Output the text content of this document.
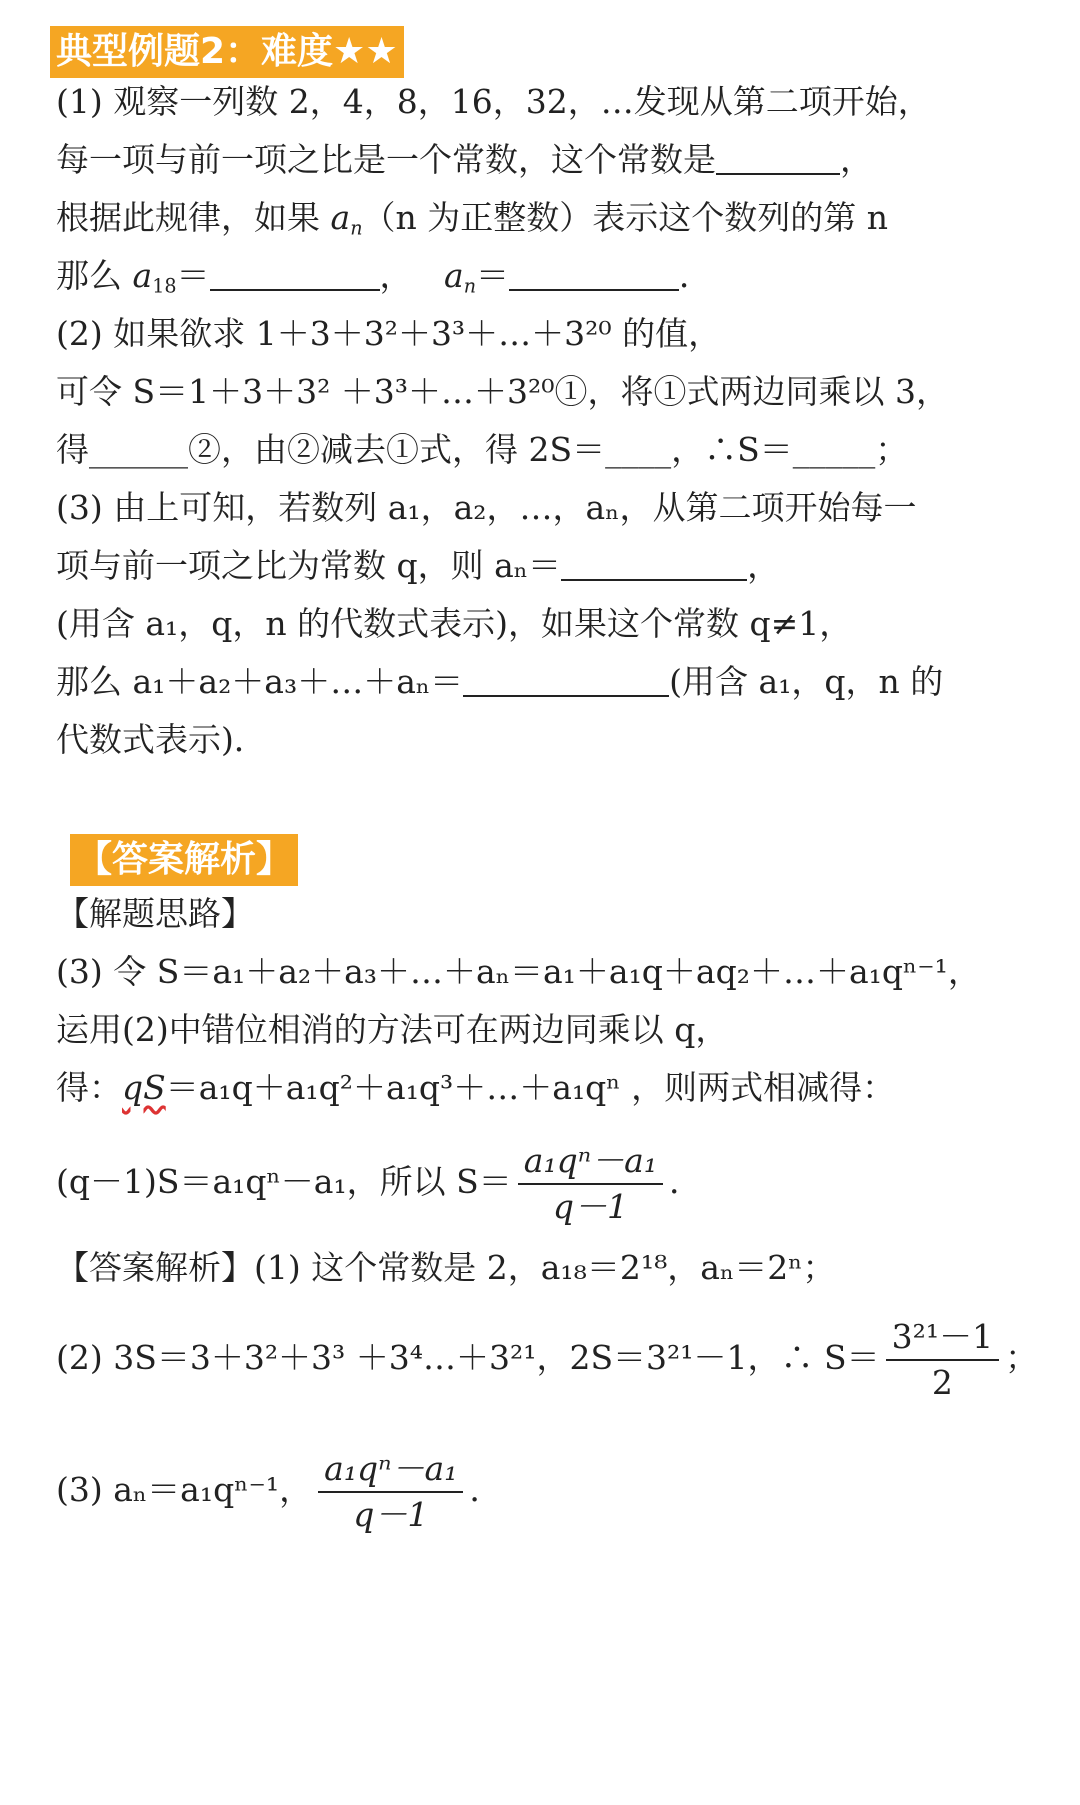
典型例题2：难度★★
(1) 观察一列数 2，4，8，16，32，…发现从第二项开始，
每一项与前一项之比是一个常数，这个常数是	，
根据此规律，如果 $a_n(n$ 为正整数）表示这个数列的第 n
那么 $a_{18}=$	，   $a_n=$	．
(2) 如果欲求 1＋3＋3²＋3³＋…＋3²⁰ 的值，
可令 S＝1＋3＋3² ＋3³＋…＋3²⁰①，将①式两边同乘以 3，
得______②，由②减去①式，得 2S＝____，∴S＝_____；
(3) 由上可知，若数列 a₁，a₂，…，aₙ，从第二项开始每一
项与前一项之比为常数 q，则 aₙ＝	，
(用含 a₁，q，n 的代数式表示)，如果这个常数 q≠1，
那么 a₁＋a₂＋a₃＋…＋aₙ＝	(用含 a₁，q，n 的
代数式表示)．
【答案解析】
【解题思路】
(3) 令 S＝a₁＋a₂＋a₃＋…＋aₙ＝a₁＋a₁q＋aq₂＋…＋a₁qⁿ⁻¹，
运用(2)中错位相消的方法可在两边同乘以 q，
得：qS＝a₁q＋a₁q²＋a₁q³＋…＋a₁qⁿ ，则两式相减得：
(q－1)S＝a₁qⁿ－a₁，所以 $S= \frac{\text{a₁qⁿ－a₁}}{q-1}$ ．
【答案解析】(1) 这个常数是 2，a₁₈＝2¹⁸，aₙ＝2ⁿ；
(2) 3S＝3＋3²＋3³ ＋3⁴…＋3²¹，2S＝3²¹－1，∴ $S= \frac{\text{3²¹－1}}{2}$ ；
(3) aₙ＝a₁qⁿ⁻¹， $\frac{\text{a₁qⁿ－a₁}}{q-1}$ ．
